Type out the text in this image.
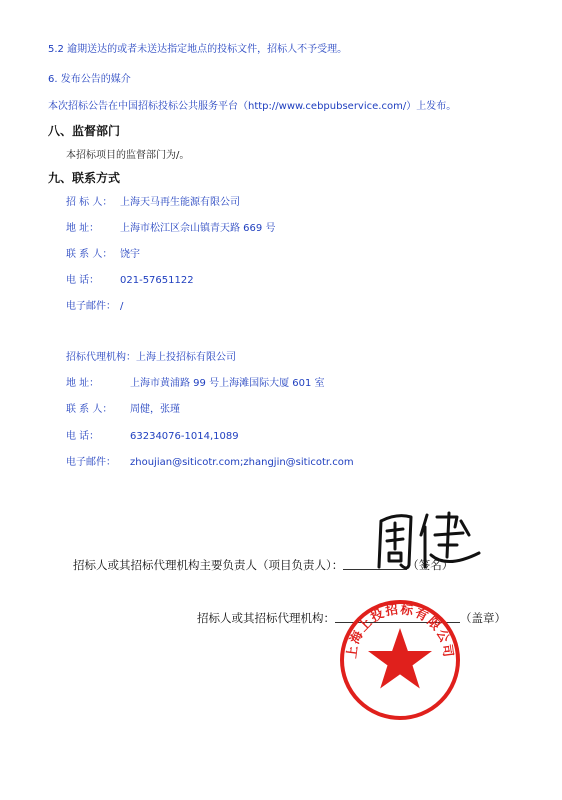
5.2 逾期送达的或者未送达指定地点的投标文件，招标人不予受理。
6. 发布公告的媒介
本次招标公告在中国招标投标公共服务平台（http://www.cebpubservice.com/）上发布。
八、监督部门
本招标项目的监督部门为/。
九、联系方式
招 标 人： 上海天马再生能源有限公司
地 址： 上海市松江区佘山镇青天路 669 号
联 系 人： 饶宇
电 话： 021-57651122
电子邮件： /
招标代理机构：上海上投招标有限公司
地 址：	上海市黄浦路 99 号上海滩国际大厦 601 室
联 系 人： 周健，张瑾
电 话：	63234076-1014,1089
电子邮件： zhoujian@siticotr.com;zhangjin@siticotr.com
招标人或其招标代理机构主要负责人（项目负责人）：	（签名）
招标人或其招标代理机构：	（盖章）
上海上投招标有限公司
